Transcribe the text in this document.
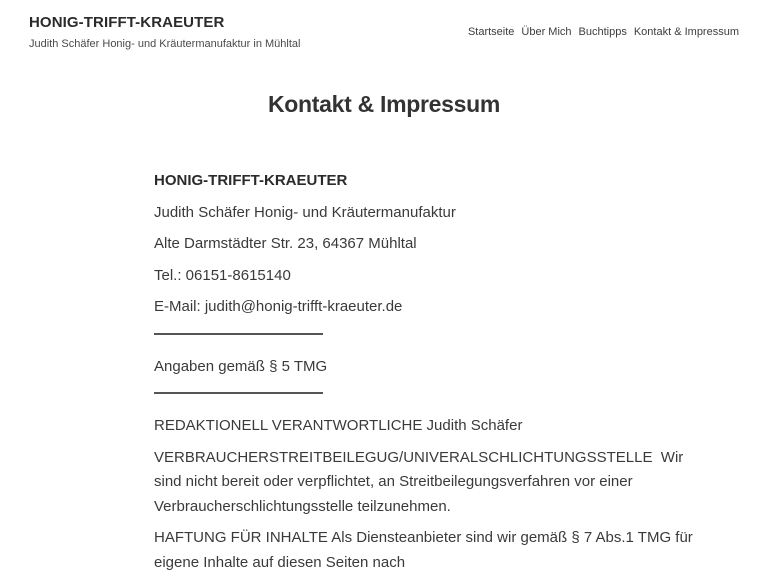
HONIG-TRIFFT-KRAEUTER
Judith Schäfer Honig- und Kräutermanufaktur in Mühltal
Startseite Über Mich Buchtipps Kontakt & Impressum
Kontakt & Impressum

HONIG-TRIFFT-KRAEUTER

Judith Schäfer Honig- und Kräutermanufaktur

Alte Darmstädter Str. 23, 64367 Mühltal

Tel.: 06151-8615140

E-Mail: judith@honig-trifft-kraeuter.de

Angaben gemäß § 5 TMG

REDAKTIONELL VERANTWORTLICHE Judith Schäfer

VERBRAUCHERSTREITBEILEGUG/UNIVERALSCHLICHTUNGSSTELLE Wir sind nicht bereit oder verpflichtet, an Streitbeilegungsverfahren vor einer Verbraucherschlichtungsstelle teilzunehmen.

HAFTUNG FÜR INHALTE Als Diensteanbieter sind wir gemäß § 7 Abs.1 TMG für eigene Inhalte auf diesen Seiten nach
